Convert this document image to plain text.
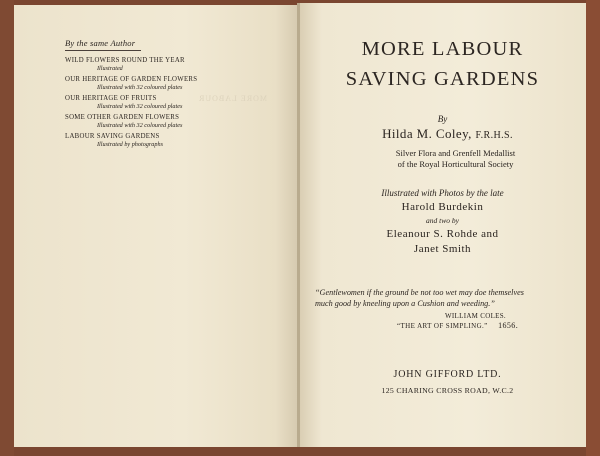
By the same Author
WILD FLOWERS ROUND THE YEAR
Illustrated
OUR HERITAGE OF GARDEN FLOWERS
Illustrated with 32 coloured plates
OUR HERITAGE OF FRUITS
Illustrated with 32 coloured plates
SOME OTHER GARDEN FLOWERS
Illustrated with 32 coloured plates
LABOUR SAVING GARDENS
Illustrated by photographs
MORE LABOUR
MORE LABOUR
SAVING GARDENS
By
Hilda M. Coley, F.R.H.S.
Silver Flora and Grenfell Medallist
of the Royal Horticultural Society
Illustrated with Photos by the late
Harold Burdekin
and two by
Eleanour S. Rohde and
Janet Smith
“Gentlewomen if the ground be not too wet may doe themselves
much good by kneeling upon a Cushion and weeding.”
WILLIAM COLES.
“THE ART OF SIMPLING.” 1656.
JOHN GIFFORD LTD.
125 CHARING CROSS ROAD, W.C.2
